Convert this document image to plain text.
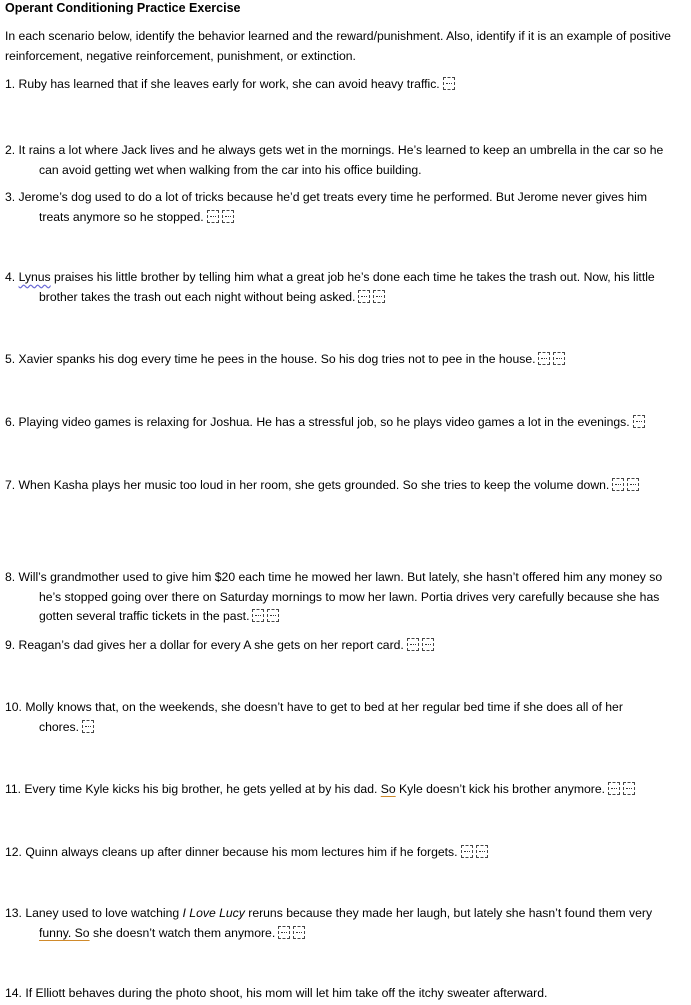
Operant Conditioning Practice Exercise
In each scenario below, identify the behavior learned and the reward/punishment. Also, identify if it is an example of positive
reinforcement, negative reinforcement, punishment, or extinction.
1. Ruby has learned that if she leaves early for work, she can avoid heavy traffic.
2. It rains a lot where Jack lives and he always gets wet in the mornings. He’s learned to keep an umbrella in the car so he
can avoid getting wet when walking from the car into his office building.
3. Jerome’s dog used to do a lot of tricks because he’d get treats every time he performed. But Jerome never gives him
treats anymore so he stopped.
4. Lynus praises his little brother by telling him what a great job he’s done each time he takes the trash out. Now, his little
brother takes the trash out each night without being asked.
5. Xavier spanks his dog every time he pees in the house. So his dog tries not to pee in the house.
6. Playing video games is relaxing for Joshua. He has a stressful job, so he plays video games a lot in the evenings.
7. When Kasha plays her music too loud in her room, she gets grounded. So she tries to keep the volume down.
8. Will’s grandmother used to give him $20 each time he mowed her lawn. But lately, she hasn’t offered him any money so
he’s stopped going over there on Saturday mornings to mow her lawn. Portia drives very carefully because she has
gotten several traffic tickets in the past.
9. Reagan’s dad gives her a dollar for every A she gets on her report card.
10. Molly knows that, on the weekends, she doesn’t have to get to bed at her regular bed time if she does all of her
chores.
11. Every time Kyle kicks his big brother, he gets yelled at by his dad. So Kyle doesn’t kick his brother anymore.
12. Quinn always cleans up after dinner because his mom lectures him if he forgets.
13. Laney used to love watching I Love Lucy reruns because they made her laugh, but lately she hasn’t found them very
funny. So she doesn’t watch them anymore.
14. If Elliott behaves during the photo shoot, his mom will let him take off the itchy sweater afterward.
